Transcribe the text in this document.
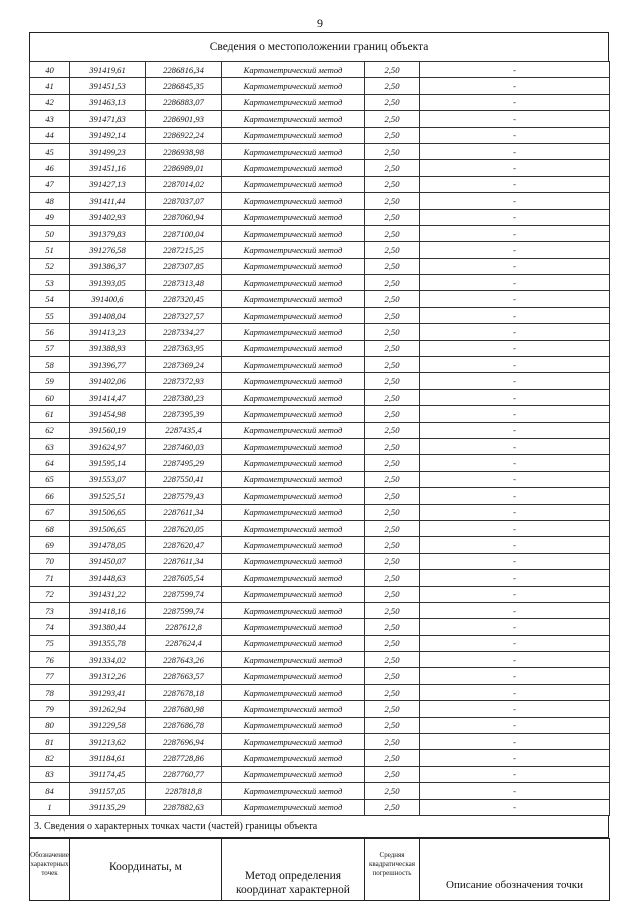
9
Сведения о местоположении границ объекта
40	391419,61	2286816,34	Картометрический метод	2,50	-
41	391451,53	2286845,35	Картометрический метод	2,50	-
42	391463,13	2286883,07	Картометрический метод	2,50	-
43	391471,83	2286901,93	Картометрический метод	2,50	-
44	391492,14	2286922,24	Картометрический метод	2,50	-
45	391499,23	2286938,98	Картометрический метод	2,50	-
46	391451,16	2286989,01	Картометрический метод	2,50	-
47	391427,13	2287014,02	Картометрический метод	2,50	-
48	391411,44	2287037,07	Картометрический метод	2,50	-
49	391402,93	2287060,94	Картометрический метод	2,50	-
50	391379,83	2287100,04	Картометрический метод	2,50	-
51	391276,58	2287215,25	Картометрический метод	2,50	-
52	391386,37	2287307,85	Картометрический метод	2,50	-
53	391393,05	2287313,48	Картометрический метод	2,50	-
54	391400,6	2287320,45	Картометрический метод	2,50	-
55	391408,04	2287327,57	Картометрический метод	2,50	-
56	391413,23	2287334,27	Картометрический метод	2,50	-
57	391388,93	2287363,95	Картометрический метод	2,50	-
58	391396,77	2287369,24	Картометрический метод	2,50	-
59	391402,06	2287372,93	Картометрический метод	2,50	-
60	391414,47	2287380,23	Картометрический метод	2,50	-
61	391454,98	2287395,39	Картометрический метод	2,50	-
62	391560,19	2287435,4	Картометрический метод	2,50	-
63	391624,97	2287460,03	Картометрический метод	2,50	-
64	391595,14	2287495,29	Картометрический метод	2,50	-
65	391553,07	2287550,41	Картометрический метод	2,50	-
66	391525,51	2287579,43	Картометрический метод	2,50	-
67	391506,65	2287611,34	Картометрический метод	2,50	-
68	391506,65	2287620,05	Картометрический метод	2,50	-
69	391478,05	2287620,47	Картометрический метод	2,50	-
70	391450,07	2287611,34	Картометрический метод	2,50	-
71	391448,63	2287605,54	Картометрический метод	2,50	-
72	391431,22	2287599,74	Картометрический метод	2,50	-
73	391418,16	2287599,74	Картометрический метод	2,50	-
74	391380,44	2287612,8	Картометрический метод	2,50	-
75	391355,78	2287624,4	Картометрический метод	2,50	-
76	391334,02	2287643,26	Картометрический метод	2,50	-
77	391312,26	2287663,57	Картометрический метод	2,50	-
78	391293,41	2287678,18	Картометрический метод	2,50	-
79	391262,94	2287680,98	Картометрический метод	2,50	-
80	391229,58	2287686,78	Картометрический метод	2,50	-
81	391213,62	2287696,94	Картометрический метод	2,50	-
82	391184,61	2287728,86	Картометрический метод	2,50	-
83	391174,45	2287760,77	Картометрический метод	2,50	-
84	391157,05	2287818,8	Картометрический метод	2,50	-
1	391135,29	2287882,63	Картометрический метод	2,50	-
3. Сведения о характерных точках части (частей) границы объекта
Обозначение характерных точек	Координаты, м	Метод определения координат характерной	Средняя квадратическая погрешность	Описание обозначения точки
